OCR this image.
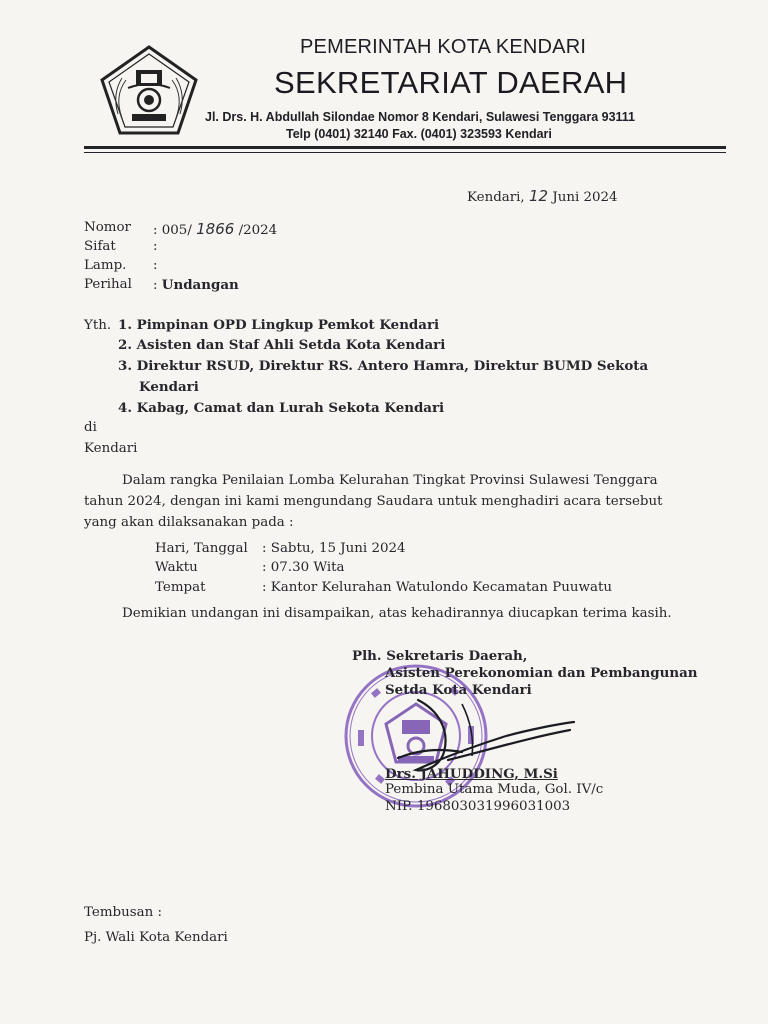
PEMERINTAH KOTA KENDARI
SEKRETARIAT DAERAH
Jl. Drs. H. Abdullah Silondae Nomor 8 Kendari, Sulawesi Tenggara 93111
Telp (0401) 32140 Fax. (0401) 323593 Kendari
Kendari, 12 Juni 2024
Nomor : 005/ 1866 /2024
Sifat	:
Lamp. :
Perihal : Undangan
Yth. 1. Pimpinan OPD Lingkup Pemkot Kendari
2. Asisten dan Staf Ahli Setda Kota Kendari
3. Direktur RSUD, Direktur RS. Antero Hamra, Direktur BUMD Sekota
Kendari
4. Kabag, Camat dan Lurah Sekota Kendari
di
Kendari
Dalam rangka Penilaian Lomba Kelurahan Tingkat Provinsi Sulawesi Tenggara
tahun 2024, dengan ini kami mengundang Saudara untuk menghadiri acara tersebut
yang akan dilaksanakan pada :
Hari, Tanggal : Sabtu, 15 Juni 2024
Waktu	: 07.30 Wita
Tempat	: Kantor Kelurahan Watulondo Kecamatan Puuwatu
Demikian undangan ini disampaikan, atas kehadirannya diucapkan terima kasih.
Plh. Sekretaris Daerah,
Asisten Perekonomian dan Pembangunan
Setda Kota Kendari
Drs. JAHUDDING, M.Si
Pembina Utama Muda, Gol. IV/c
NIP. 196803031996031003
Tembusan :
Pj. Wali Kota Kendari
